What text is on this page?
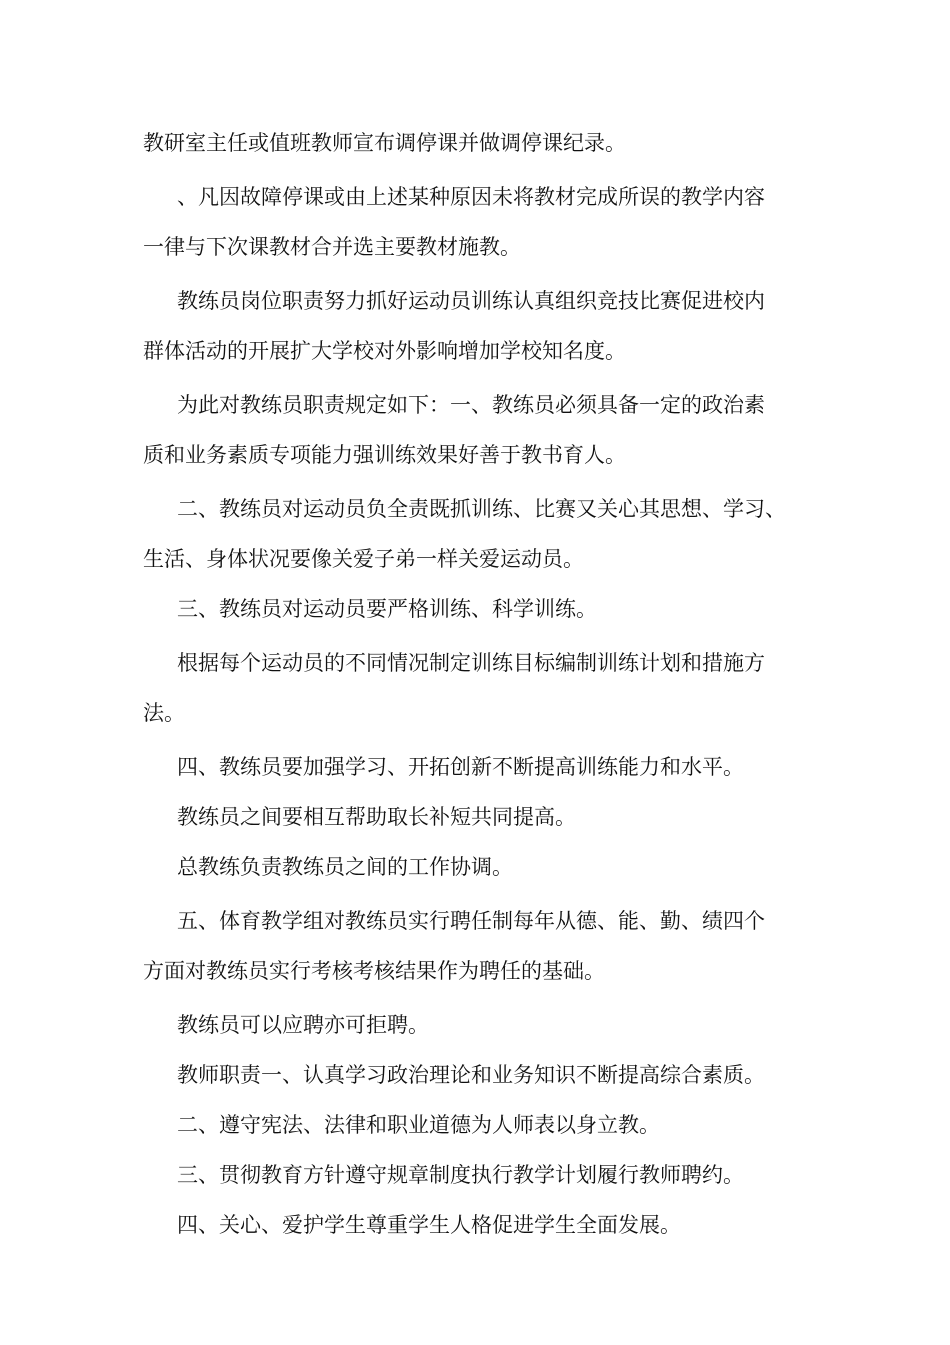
教研室主任或值班教师宣布调停课并做调停课纪录。
、凡因故障停课或由上述某种原因未将教材完成所误的教学内容
一律与下次课教材合并选主要教材施教。
教练员岗位职责努力抓好运动员训练认真组织竞技比赛促进校内
群体活动的开展扩大学校对外影响增加学校知名度。
为此对教练员职责规定如下：一、教练员必须具备一定的政治素
质和业务素质专项能力强训练效果好善于教书育人。
二、教练员对运动员负全责既抓训练、比赛又关心其思想、学习、
生活、身体状况要像关爱子弟一样关爱运动员。
三、教练员对运动员要严格训练、科学训练。
根据每个运动员的不同情况制定训练目标编制训练计划和措施方
法。
四、教练员要加强学习、开拓创新不断提高训练能力和水平。
教练员之间要相互帮助取长补短共同提高。
总教练负责教练员之间的工作协调。
五、体育教学组对教练员实行聘任制每年从德、能、勤、绩四个
方面对教练员实行考核考核结果作为聘任的基础。
教练员可以应聘亦可拒聘。
教师职责一、认真学习政治理论和业务知识不断提高综合素质。
二、遵守宪法、法律和职业道德为人师表以身立教。
三、贯彻教育方针遵守规章制度执行教学计划履行教师聘约。
四、关心、爱护学生尊重学生人格促进学生全面发展。
